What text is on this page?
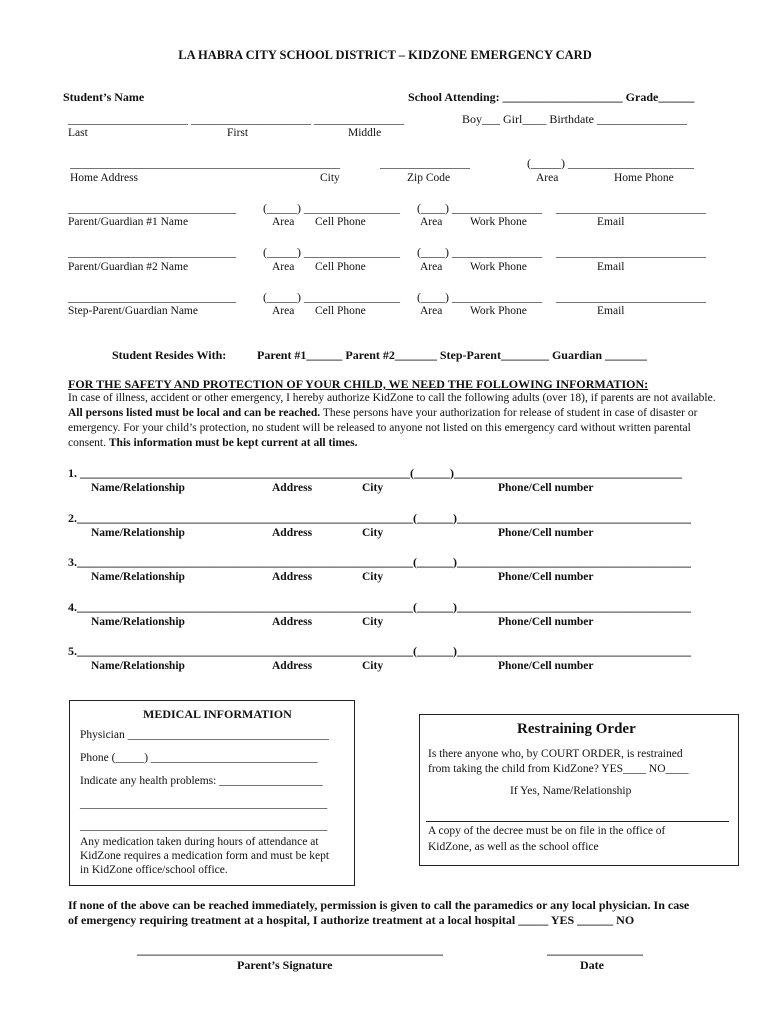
LA HABRA CITY SCHOOL DISTRICT – KIDZONE EMERGENCY CARD
Student’s Name	School Attending: ____________________ Grade______
____________________ ____________________ _______________	Boy___ Girl____ Birthdate _______________
Last	First	Middle
_____________________________________________	_______________	(_____) _____________________
Home Address	City	Zip Code	Area	Home Phone
____________________________ (_____) ________________ (____) _______________ _________________________
Parent/Guardian #1 Name	Area Cell Phone	Area Work Phone	Email
____________________________ (_____) ________________ (____) _______________ _________________________
Parent/Guardian #2 Name	Area Cell Phone	Area Work Phone	Email
____________________________ (_____) ________________ (____) _______________ _________________________
Step-Parent/Guardian Name	Area Cell Phone	Area Work Phone	Email
Student Resides With:	Parent #1______ Parent #2_______ Step-Parent________ Guardian _______
FOR THE SAFETY AND PROTECTION OF YOUR CHILD, WE NEED THE FOLLOWING INFORMATION:
In case of illness, accident or other emergency, I hereby authorize KidZone to call the following adults (over 18), if parents are not available. All persons listed must be local and can be reached. These persons have your authorization for release of student in case of disaster or emergency. For your child’s protection, no student will be released to anyone not listed on this emergency card without written parental consent. This information must be kept current at all times.
1. _______________________________________________________(______)______________________________________
Name/Relationship	Address	City	Phone/Cell number
2.________________________________________________________(______)_______________________________________
Name/Relationship	Address	City	Phone/Cell number
3.________________________________________________________(______)_______________________________________
Name/Relationship	Address	City	Phone/Cell number
4.________________________________________________________(______)_______________________________________
Name/Relationship	Address	City	Phone/Cell number
5.________________________________________________________(______)_______________________________________
Name/Relationship	Address	City	Phone/Cell number
MEDICAL INFORMATION
Physician ___________________________________
Phone (_____) _____________________________
Indicate any health problems: __________________
___________________________________________
___________________________________________
Any medication taken during hours of attendance at
KidZone requires a medication form and must be kept
in KidZone office/school office.
Restraining Order
Is there anyone who, by COURT ORDER, is restrained
from taking the child from KidZone? YES____ NO____
If Yes, Name/Relationship
A copy of the decree must be on file in the office of
KidZone, as well as the school office
If none of the above can be reached immediately, permission is given to call the paramedics or any local physician. In case
of emergency requiring treatment at a hospital, I authorize treatment at a local hospital _____ YES ______ NO
___________________________________________________
Parent’s Signature
________________
Date
